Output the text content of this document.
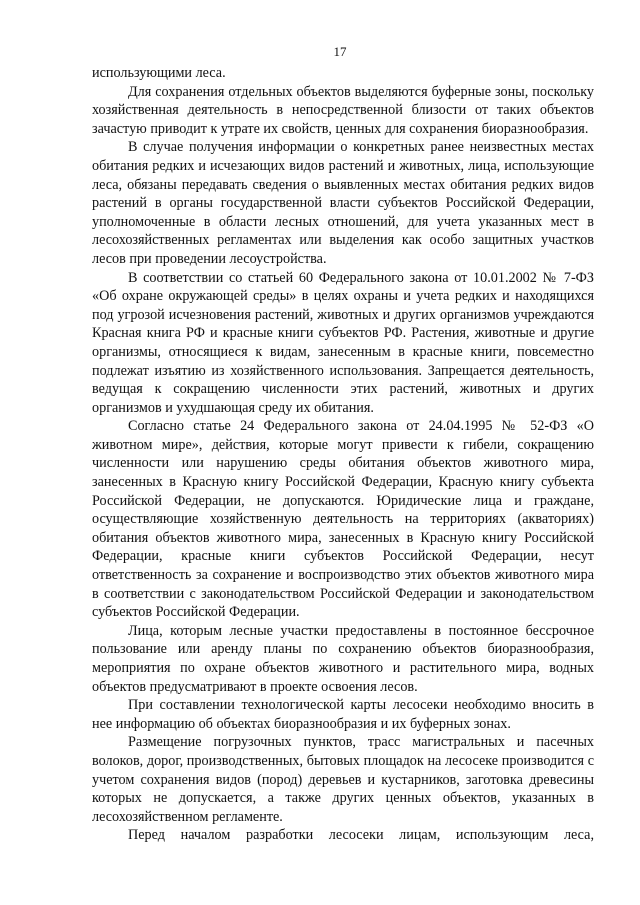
17

использующими леса.

Для сохранения отдельных объектов выделяются буферные зоны, поскольку хозяйственная деятельность в непосредственной близости от таких объектов зачастую приводит к утрате их свойств, ценных для сохранения биоразнообразия.

В случае получения информации о конкретных ранее неизвестных местах обитания редких и исчезающих видов растений и животных, лица, использующие леса, обязаны передавать сведения о выявленных местах обитания редких видов растений в органы государственной власти субъектов Российской Федерации, уполномоченные в области лесных отношений, для учета указанных мест в лесохозяйственных регламентах или выделения как особо защитных участков лесов при проведении лесоустройства.

В соответствии со статьей 60 Федерального закона от 10.01.2002 № 7-ФЗ «Об охране окружающей среды» в целях охраны и учета редких и находящихся под угрозой исчезновения растений, животных и других организмов учреждаются Красная книга РФ и красные книги субъектов РФ. Растения, животные и другие организмы, относящиеся к видам, занесенным в красные книги, повсеместно подлежат изъятию из хозяйственного использования. Запрещается деятельность, ведущая к сокращению численности этих растений, животных и других организмов и ухудшающая среду их обитания.

Согласно статье 24 Федерального закона от 24.04.1995 № 52-ФЗ «О животном мире», действия, которые могут привести к гибели, сокращению численности или нарушению среды обитания объектов животного мира, занесенных в Красную книгу Российской Федерации, Красную книгу субъекта Российской Федерации, не допускаются. Юридические лица и граждане, осуществляющие хозяйственную деятельность на территориях (акваториях) обитания объектов животного мира, занесенных в Красную книгу Российской Федерации, красные книги субъектов Российской Федерации, несут ответственность за сохранение и воспроизводство этих объектов животного мира в соответствии с законодательством Российской Федерации и законодательством субъектов Российской Федерации.

Лица, которым лесные участки предоставлены в постоянное бессрочное пользование или аренду планы по сохранению объектов биоразнообразия, мероприятия по охране объектов животного и растительного мира, водных объектов предусматривают в проекте освоения лесов.

При составлении технологической карты лесосеки необходимо вносить в нее информацию об объектах биоразнообразия и их буферных зонах.

Размещение погрузочных пунктов, трасс магистральных и пасечных волоков, дорог, производственных, бытовых площадок на лесосеке производится с учетом сохранения видов (пород) деревьев и кустарников, заготовка древесины которых не допускается, а также других ценных объектов, указанных в лесохозяйственном регламенте.

Перед началом разработки лесосеки лицам, использующим леса,
